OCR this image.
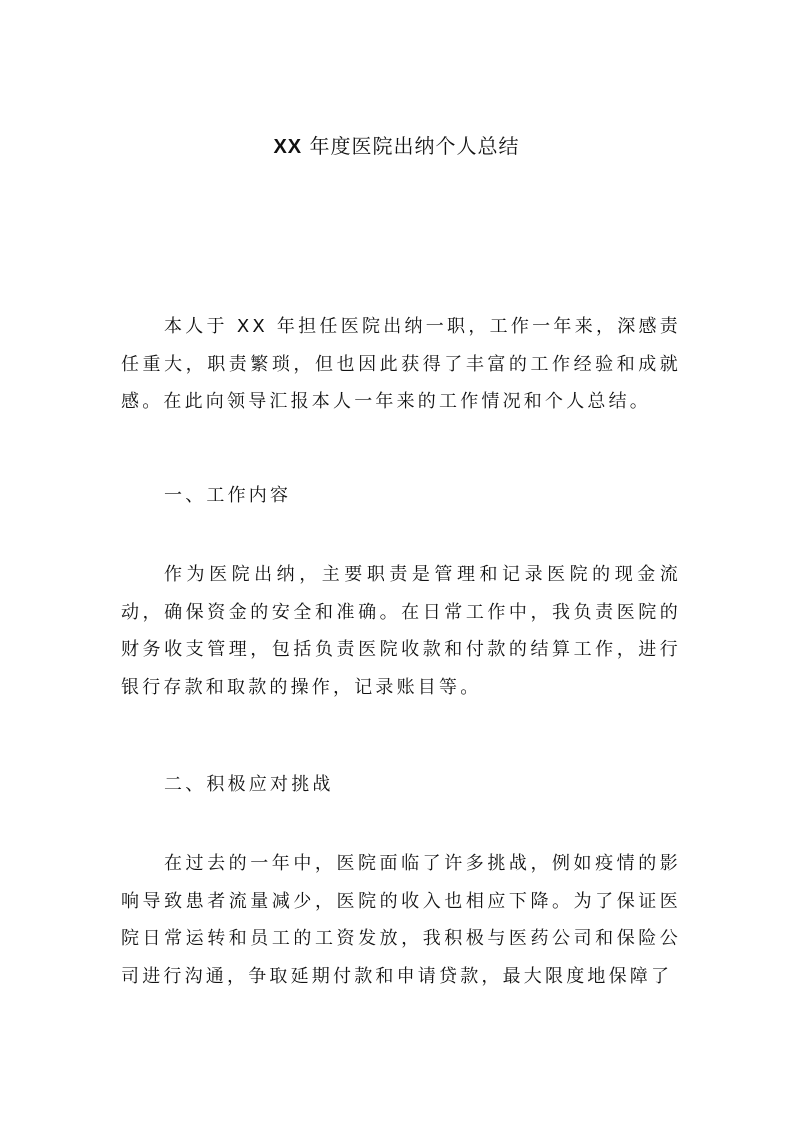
XX 年度医院出纳个人总结

本人于 XX 年担任医院出纳一职，工作一年来，深感责任重大，职责繁琐，但也因此获得了丰富的工作经验和成就感。在此向领导汇报本人一年来的工作情况和个人总结。

一、工作内容

作为医院出纳，主要职责是管理和记录医院的现金流动，确保资金的安全和准确。在日常工作中，我负责医院的财务收支管理，包括负责医院收款和付款的结算工作，进行银行存款和取款的操作，记录账目等。

二、积极应对挑战

在过去的一年中，医院面临了许多挑战，例如疫情的影响导致患者流量减少，医院的收入也相应下降。为了保证医院日常运转和员工的工资发放，我积极与医药公司和保险公司进行沟通，争取延期付款和申请贷款，最大限度地保障了
